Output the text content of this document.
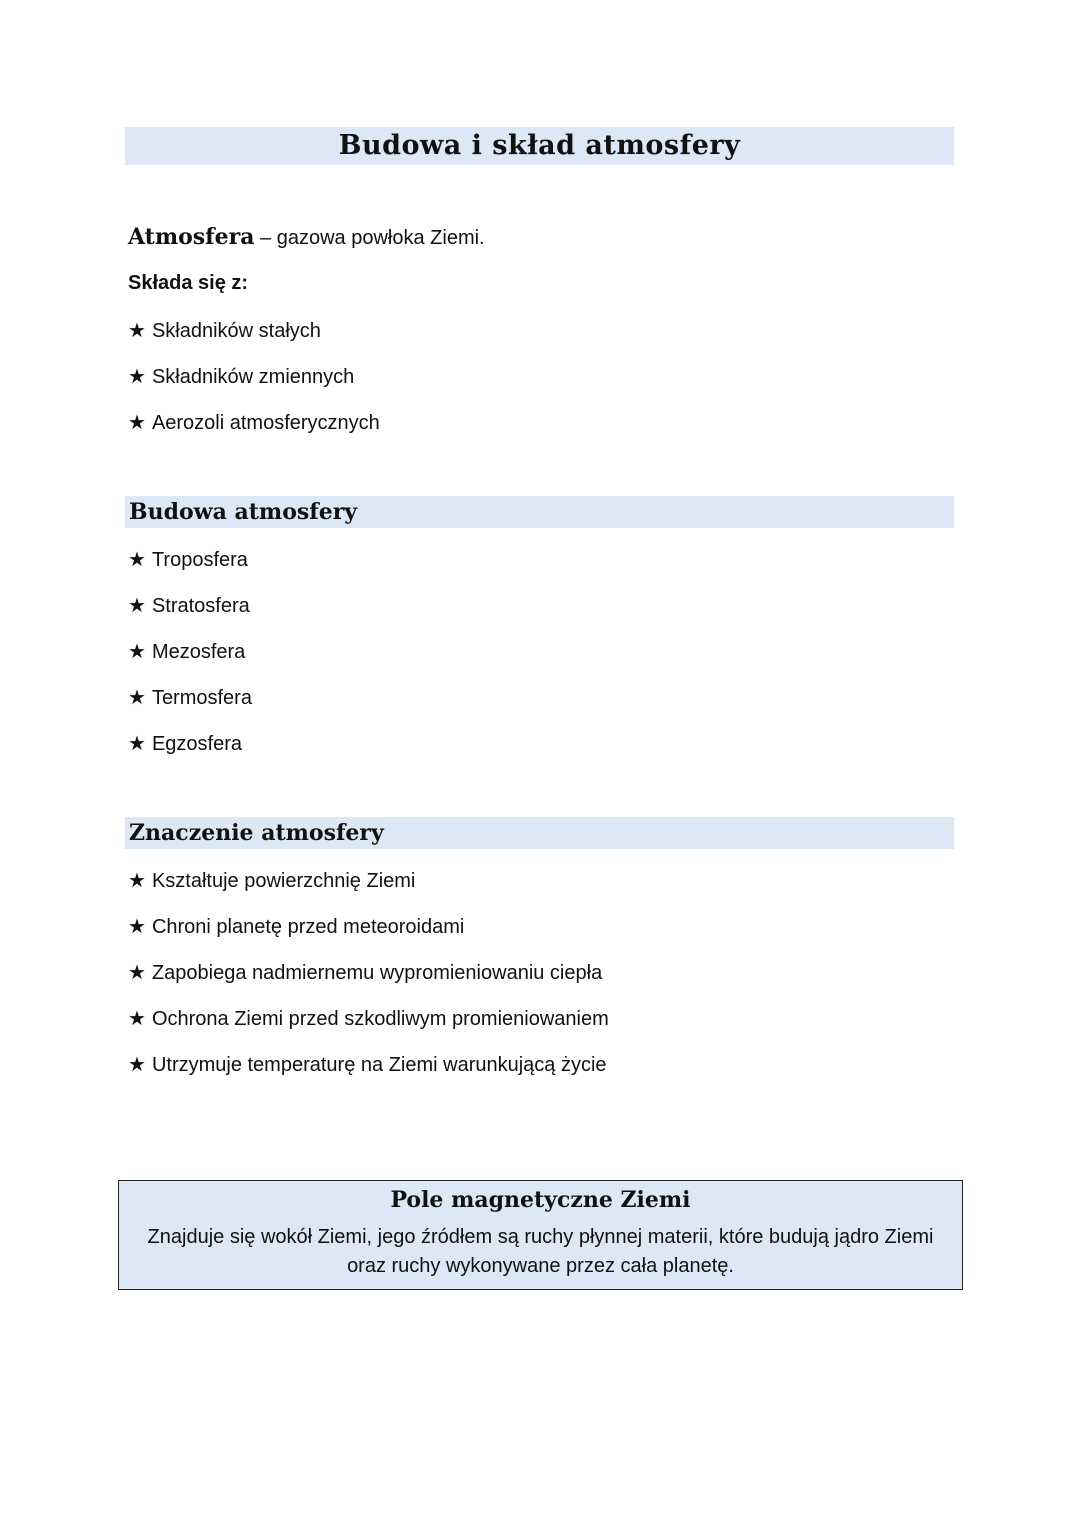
Budowa i skład atmosfery
Atmosfera – gazowa powłoka Ziemi.
Składa się z:
★ Składników stałych
★ Składników zmiennych
★ Aerozoli atmosferycznych
Budowa atmosfery
★ Troposfera
★ Stratosfera
★ Mezosfera
★ Termosfera
★ Egzosfera
Znaczenie atmosfery
★ Kształtuje powierzchnię Ziemi
★ Chroni planetę przed meteoroidami
★ Zapobiega nadmiernemu wypromieniowaniu ciepła
★ Ochrona Ziemi przed szkodliwym promieniowaniem
★ Utrzymuje temperaturę na Ziemi warunkującą życie
Pole magnetyczne Ziemi
Znajduje się wokół Ziemi, jego źródłem są ruchy płynnej materii, które budują jądro Ziemi oraz ruchy wykonywane przez cała planetę.
